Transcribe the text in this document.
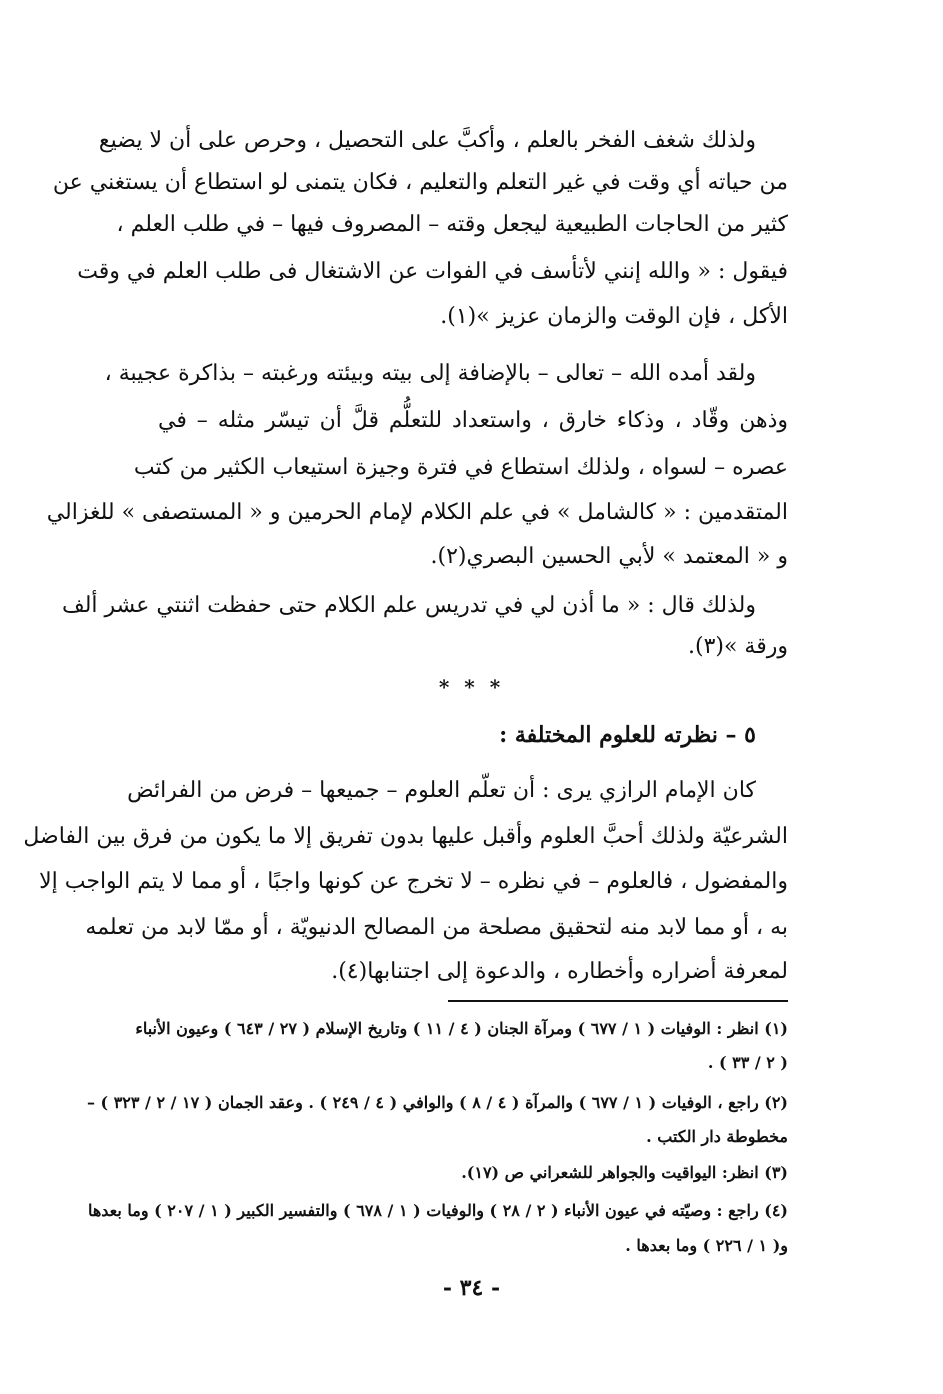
ولذلك شغف الفخر بالعلم ، وأكبَّ على التحصيل ، وحرص على أن لا يضيع
من حياته أي وقت في غير التعلم والتعليم ، فكان يتمنى لو استطاع أن يستغني عن
كثير من الحاجات الطبيعية ليجعل وقته – المصروف فيها – في طلب العلم ،
فيقول : « والله إنني لأتأسف في الفوات عن الاشتغال فى طلب العلم في وقت
الأكل ، فإن الوقت والزمان عزيز »(١).
ولقد أمده الله – تعالى – بالإضافة إلى بيته وبيئته ورغبته – بذاكرة عجيبة ،
وذهن وقّاد ، وذكاء خارق ، واستعداد للتعلُّم قلَّ أن تيسّر مثله – في
عصره – لسواه ، ولذلك استطاع في فترة وجيزة استيعاب الكثير من كتب
المتقدمين : « كالشامل » في علم الكلام لإمام الحرمين و « المستصفى » للغزالي
و « المعتمد » لأبي الحسين البصري(٢).
ولذلك قال : « ما أذن لي في تدريس علم الكلام حتى حفظت اثنتي عشر ألف
ورقة »(٣).
* * *
٥ – نظرته للعلوم المختلفة :
كان الإمام الرازي يرى : أن تعلّم العلوم – جميعها – فرض من الفرائض
الشرعيّة ولذلك أحبَّ العلوم وأقبل عليها بدون تفريق إلا ما يكون من فرق بين الفاضل
والمفضول ، فالعلوم – في نظره – لا تخرج عن كونها واجبًا ، أو مما لا يتم الواجب إلا
به ، أو مما لابد منه لتحقيق مصلحة من المصالح الدنيويّة ، أو ممّا لابد من تعلمه
لمعرفة أضراره وأخطاره ، والدعوة إلى اجتنابها(٤).
(١) انظر : الوفيات ( ١ / ٦٧٧ ) ومرآة الجنان ( ٤ / ١١ ) وتاريخ الإسلام ( ٢٧ / ٦٤٣ ) وعيون الأنباء
( ٢ / ٣٣ ) .
(٢) راجع ، الوفيات ( ١ / ٦٧٧ ) والمرآة ( ٤ / ٨ ) والوافي ( ٤ / ٢٤٩ ) . وعقد الجمان ( ١٧ / ٢ / ٣٢٣ ) –
مخطوطة دار الكتب .
(٣) انظر: اليواقيت والجواهر للشعراني ص (١٧).
(٤) راجع : وصيّته في عيون الأنباء ( ٢ / ٢٨ ) والوفيات ( ١ / ٦٧٨ ) والتفسير الكبير ( ١ / ٢٠٧ ) وما بعدها
و( ١ / ٢٢٦ ) وما بعدها .
- ٣٤ -
